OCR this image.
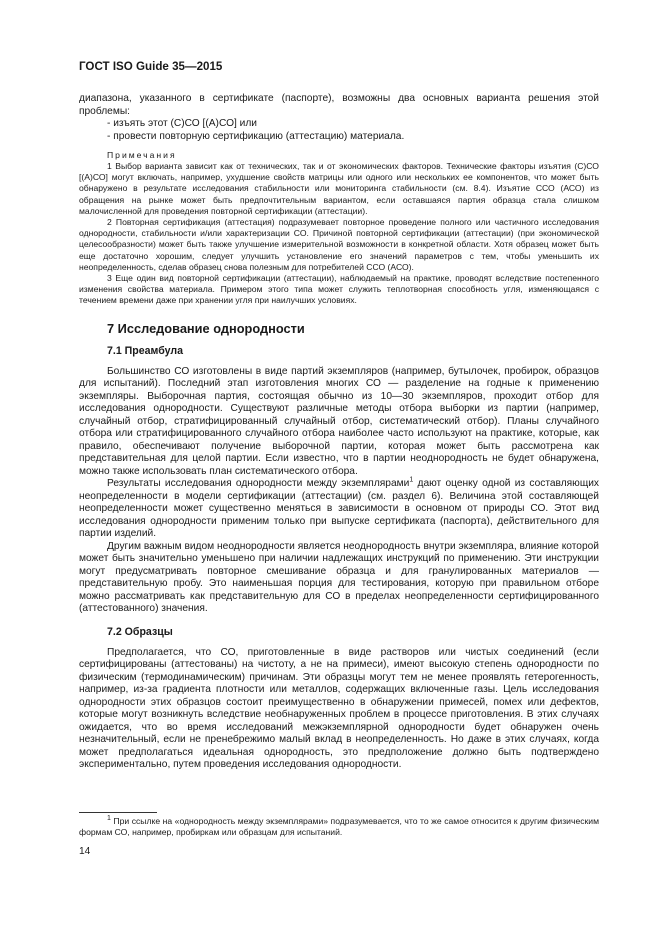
ГОСТ ISO Guide 35—2015

диапазона, указанного в сертификате (паспорте), возможны два основных варианта решения этой проблемы:

- изъять этот (С)СО [(А)СО] или
- провести повторную сертификацию (аттестацию) материала.
Примечания

1 Выбор варианта зависит как от технических, так и от экономических факторов. Технические факторы изъятия (С)СО [(А)СО] могут включать, например, ухудшение свойств матрицы или одного или нескольких ее компонентов, что может быть обнаружено в результате исследования стабильности или мониторинга стабильности (см. 8.4). Изъятие ССО (АСО) из обращения на рынке может быть предпочтительным вариантом, если оставшаяся партия образца стала слишком малочисленной для проведения повторной сертификации (аттестации).

2 Повторная сертификация (аттестация) подразумевает повторное проведение полного или частичного исследования однородности, стабильности и/или характеризации СО. Причиной повторной сертификации (аттестации) (при экономической целесообразности) может быть также улучшение измерительной возможности в конкретной области. Хотя образец может быть еще достаточно хорошим, следует улучшить установление его значений параметров с тем, чтобы уменьшить их неопределенность, сделав образец снова полезным для потребителей ССО (АСО).

3 Еще один вид повторной сертификации (аттестации), наблюдаемый на практике, проводят вследствие постепенного изменения свойства материала. Примером этого типа может служить теплотворная способность угля, изменяющаяся с течением времени даже при хранении угля при наилучших условиях.

7 Исследование однородности
7.1 Преамбула

Большинство СО изготовлены в виде партий экземпляров (например, бутылочек, пробирок, образцов для испытаний). Последний этап изготовления многих СО — разделение на годные к применению экземпляры. Выборочная партия, состоящая обычно из 10—30 экземпляров, проходит отбор для исследования однородности. Существуют различные методы отбора выборки из партии (например, случайный отбор, стратифицированный случайный отбор, систематический отбор). Планы случайного отбора или стратифицированного случайного отбора наиболее часто используют на практике, которые, как правило, обеспечивают получение выборочной партии, которая может быть рассмотрена как представительная для целой партии. Если известно, что в партии неоднородность не будет обнаружена, можно также использовать план систематического отбора.

Результаты исследования однородности между экземплярами$^1$ дают оценку одной из составляющих неопределенности в модели сертификации (аттестации) (см. раздел 6). Величина этой составляющей неопределенности может существенно меняться в зависимости в основном от природы СО. Этот вид исследования однородности применим только при выпуске сертификата (паспорта), действительного для партии изделий.

Другим важным видом неоднородности является неоднородность внутри экземпляра, влияние которой может быть значительно уменьшено при наличии надлежащих инструкций по применению. Эти инструкции могут предусматривать повторное смешивание образца и для гранулированных материалов — представительную пробу. Это наименьшая порция для тестирования, которую при правильном отборе можно рассматривать как представительную для СО в пределах неопределенности сертифицированного (аттестованного) значения.

7.2 Образцы

Предполагается, что СО, приготовленные в виде растворов или чистых соединений (если сертифицированы (аттестованы) на чистоту, а не на примеси), имеют высокую степень однородности по физическим (термодинамическим) причинам. Эти образцы могут тем не менее проявлять гетерогенность, например, из-за градиента плотности или металлов, содержащих включенные газы. Цель исследования однородности этих образцов состоит преимущественно в обнаружении примесей, помех или дефектов, которые могут возникнуть вследствие необнаруженных проблем в процессе приготовления. В этих случаях ожидается, что во время исследований межэкземплярной однородности будет обнаружен очень незначительный, если не пренебрежимо малый вклад в неопределенность. Но даже в этих случаях, когда может предполагаться идеальная однородность, это предположение должно быть подтверждено экспериментально, путем проведения исследования однородности.

$^1$ При ссылке на «однородность между экземплярами» подразумевается, что то же самое относится к другим физическим формам СО, например, пробиркам или образцам для испытаний.
14
